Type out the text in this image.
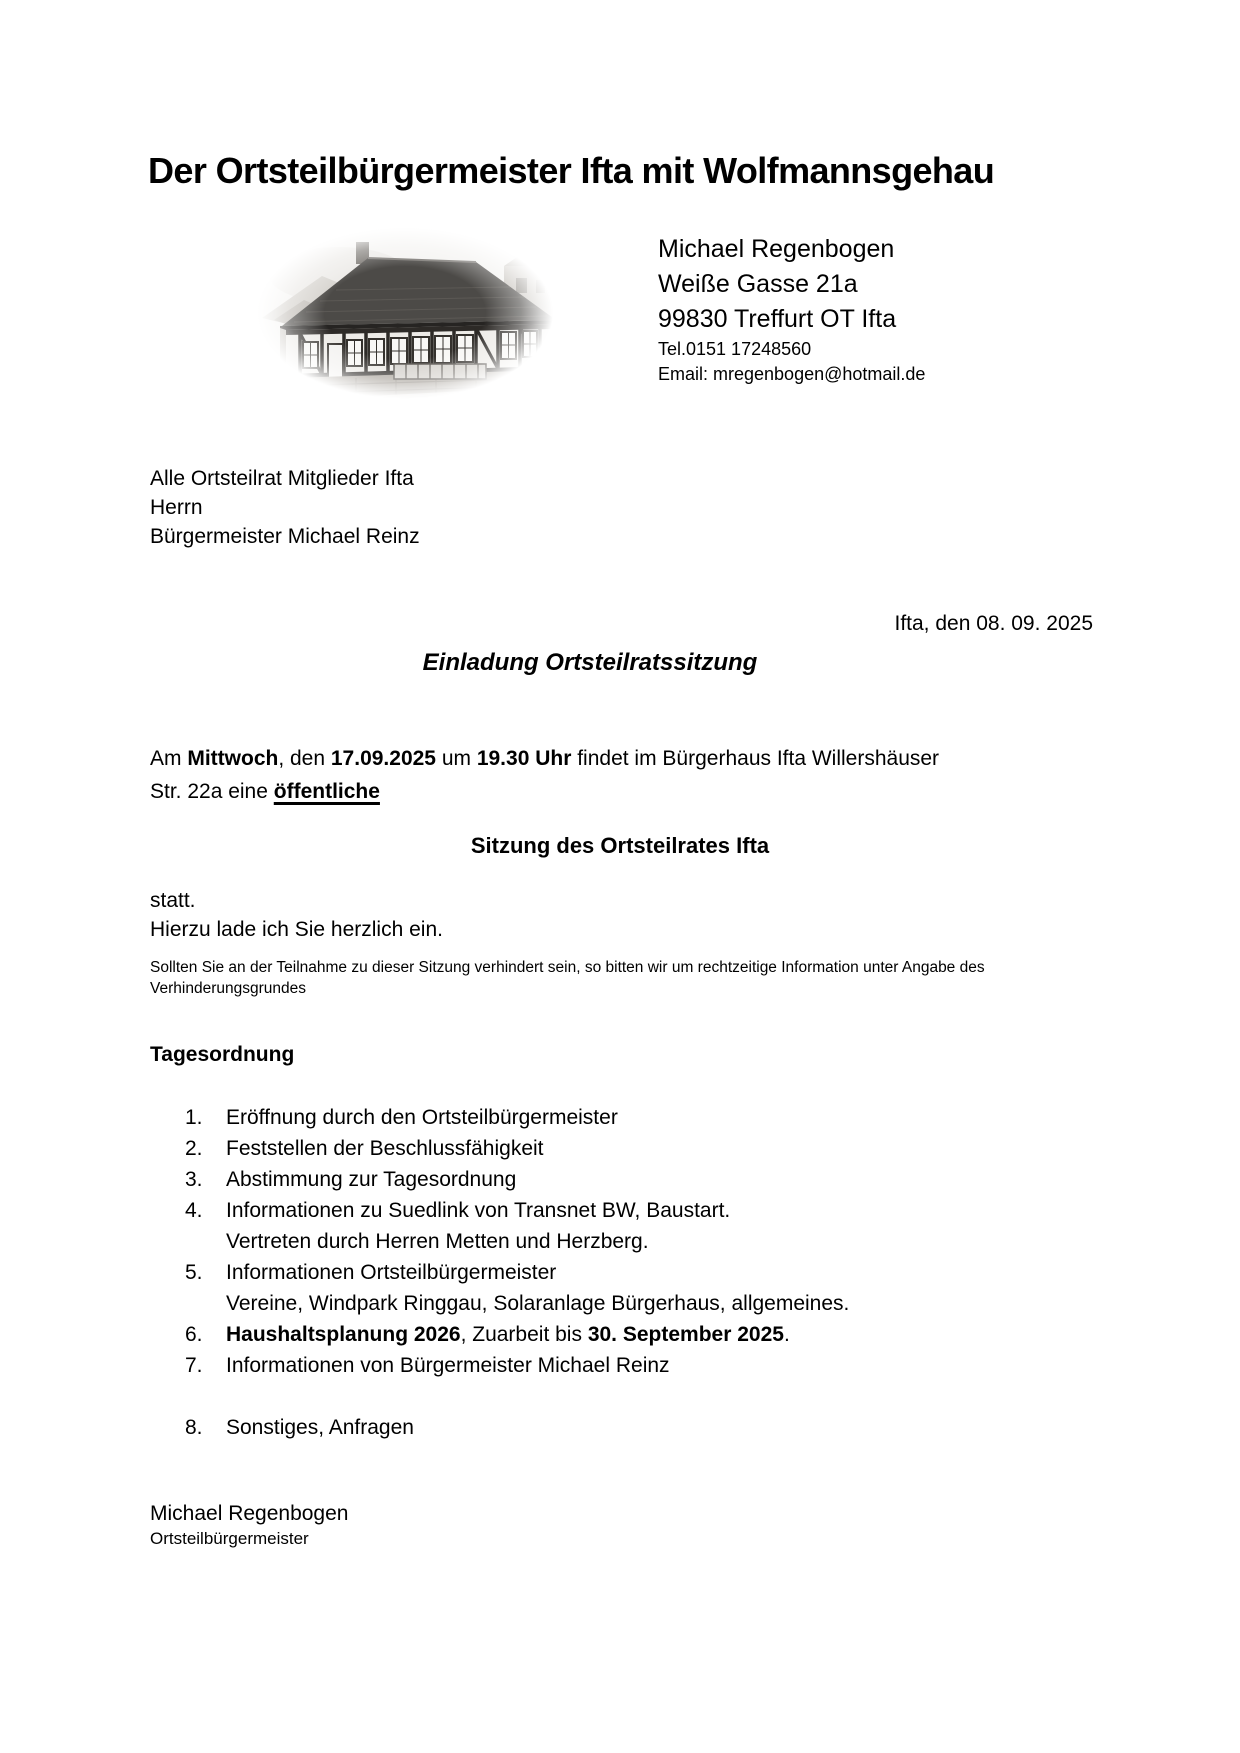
Der Ortsteilbürgermeister Ifta mit Wolfmannsgehau
Michael Regenbogen
Weiße Gasse 21a
99830 Treffurt OT Ifta
Tel.0151 17248560
Email: mregenbogen@hotmail.de
Alle Ortsteilrat Mitglieder Ifta
Herrn
Bürgermeister Michael Reinz
Ifta, den 08. 09. 2025
Einladung Ortsteilratssitzung

Am Mittwoch, den 17.09.2025 um 19.30 Uhr findet im Bürgerhaus Ifta Willershäuser
Str. 22a eine öffentliche

Sitzung des Ortsteilrates Ifta
statt.
Hierzu lade ich Sie herzlich ein.

Sollten Sie an der Teilnahme zu dieser Sitzung verhindert sein, so bitten wir um rechtzeitige Information unter Angabe des Verhinderungsgrundes

Tagesordnung
1.	Eröffnung durch den Ortsteilbürgermeister
2.	Feststellen der Beschlussfähigkeit
3.	Abstimmung zur Tagesordnung
4.	Informationen zu Suedlink von Transnet BW, Baustart.
Vertreten durch Herren Metten und Herzberg.
5.	Informationen Ortsteilbürgermeister
Vereine, Windpark Ringgau, Solaranlage Bürgerhaus, allgemeines.
6.	Haushaltsplanung 2026, Zuarbeit bis 30. September 2025.
7.	Informationen von Bürgermeister Michael Reinz
8.	Sonstiges, Anfragen
Michael Regenbogen
Ortsteilbürgermeister
